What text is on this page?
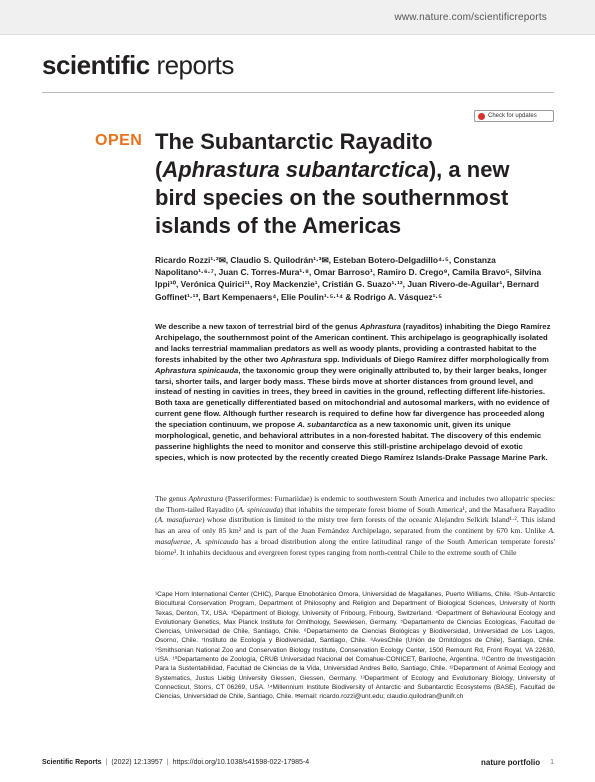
www.nature.com/scientificreports
scientific reports
Check for updates
OPEN The Subantarctic Rayadito
(Aphrastura subantarctica), a new
bird species on the southernmost
islands of the Americas
Ricardo Rozzi¹·²✉, Claudio S. Quilodrán¹·³✉, Esteban Botero-Delgadillo⁴·⁵, Constanza Napolitano¹·⁶·⁷, Juan C. Torres-Mura¹·⁸, Omar Barroso¹, Ramiro D. Crego⁹, Camila Bravo⁵, Silvina Ippi¹⁰, Verónica Quirici¹¹, Roy Mackenzie¹, Cristián G. Suazo¹·¹², Juan Rivero-de-Aguilar¹, Bernard Goffinet¹·¹³, Bart Kempenaers⁴, Elie Poulin¹·⁵·¹⁴ & Rodrigo A. Vásquez¹·⁵
We describe a new taxon of terrestrial bird of the genus Aphrastura (rayaditos) inhabiting the Diego Ramírez Archipelago, the southernmost point of the American continent. This archipelago is geographically isolated and lacks terrestrial mammalian predators as well as woody plants, providing a contrasted habitat to the forests inhabited by the other two Aphrastura spp. Individuals of Diego Ramírez differ morphologically from Aphrastura spinicauda, the taxonomic group they were originally attributed to, by their larger beaks, longer tarsi, shorter tails, and larger body mass. These birds move at shorter distances from ground level, and instead of nesting in cavities in trees, they breed in cavities in the ground, reflecting different life-histories. Both taxa are genetically differentiated based on mitochondrial and autosomal markers, with no evidence of current gene flow. Although further research is required to define how far divergence has proceeded along the speciation continuum, we propose A. subantarctica as a new taxonomic unit, given its unique morphological, genetic, and behavioral attributes in a non-forested habitat. The discovery of this endemic passerine highlights the need to monitor and conserve this still-pristine archipelago devoid of exotic species, which is now protected by the recently created Diego Ramírez Islands-Drake Passage Marine Park.
The genus Aphrastura (Passeriformes: Furnariidae) is endemic to southwestern South America and includes two allopatric species: the Thorn-tailed Rayadito (A. spinicauda) that inhabits the temperate forest biome of South America¹, and the Masafuera Rayadito (A. masafuerae) whose distribution is limited to the misty tree fern forests of the oceanic Alejandro Selkirk Island¹·². This island has an area of only 85 km² and is part of the Juan Fernández Archipelago, separated from the continent by 670 km. Unlike A. masafuerae, A. spinicauda has a broad distribution along the entire latitudinal range of the South American temperate forests' biome³. It inhabits deciduous and evergreen forest types ranging from north-central Chile to the extreme south of Chile
¹Cape Horn International Center (CHIC), Parque Etnobotánico Omora, Universidad de Magallanes, Puerto Williams, Chile. ²Sub-Antarctic Biocultural Conservation Program, Department of Philosophy and Religion and Department of Biological Sciences, University of North Texas, Denton, TX, USA. ³Department of Biology, University of Fribourg, Fribourg, Switzerland. ⁴Department of Behavioural Ecology and Evolutionary Genetics, Max Planck Institute for Ornithology, Seewiesen, Germany. ⁵Departamento de Ciencias Ecologicas, Facultad de Ciencias, Universidad de Chile, Santiago, Chile. ⁶Departamento de Ciencias Biológicas y Biodiversidad, Universidad de Los Lagos, Osorno, Chile. ⁷Instituto de Ecología y Biodiversidad, Santiago, Chile. ⁸AvesChile (Unión de Ornitólogos de Chile), Santiago, Chile. ⁹Smithsonian National Zoo and Conservation Biology Institute, Conservation Ecology Center, 1500 Remount Rd, Front Royal, VA 22630, USA. ¹⁰Departamento de Zoología, CRUB Universidad Nacional del Comahue-CONICET, Bariloche, Argentina. ¹¹Centro de Investigación Para la Sustentabilidad, Facultad de Ciencias de la Vida, Universidad Andres Bello, Santiago, Chile. ¹²Department of Animal Ecology and Systematics, Justus Liebig University Giessen, Giessen, Germany. ¹³Department of Ecology and Evolutionary Biology, University of Connecticut, Storrs, CT 06269, USA. ¹⁴Millennium Institute Biodiversity of Antarctic and Subantarctic Ecosystems (BASE), Facultad de Ciencias, Universidad de Chile, Santiago, Chile. ✉email: ricardo.rozzi@unt.edu; claudio.quilodran@unifr.ch
Scientific Reports | (2022) 12:13957 | https://doi.org/10.1038/s41598-022-17985-4	nature portfolio 1
